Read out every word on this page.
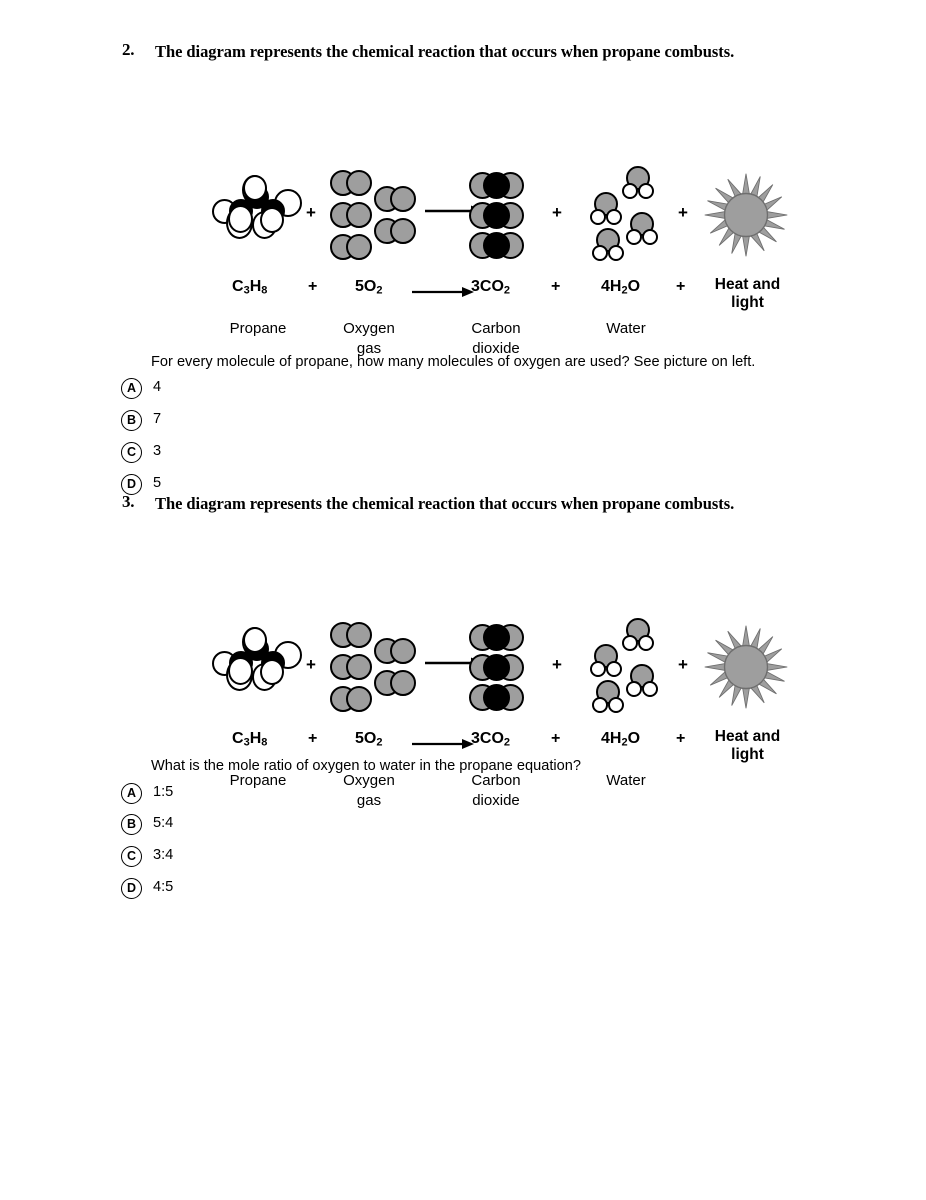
2. The diagram represents the chemical reaction that occurs when propane combusts.
+	+	+
$C_3H_8$	+ $5O_2$	$3CO_2$	+	$4H_2O$ +	Heat and
light
Propane	Oxygen
gas
Carbon
dioxide
Water
For every molecule of propane, how many molecules of oxygen are used? See picture on left.
A	4
B	7
C	3
D	5
3. The diagram represents the chemical reaction that occurs when propane combusts.
+	+	+
$C_3H_8$	+ $5O_2$	$3CO_2$	+	$4H_2O$ +	Heat and
light
Propane	Oxygen
gas
Carbon
dioxide
Water
What is the mole ratio of oxygen to water in the propane equation?
A	1:5
B	5:4
C	3:4
D	4:5
